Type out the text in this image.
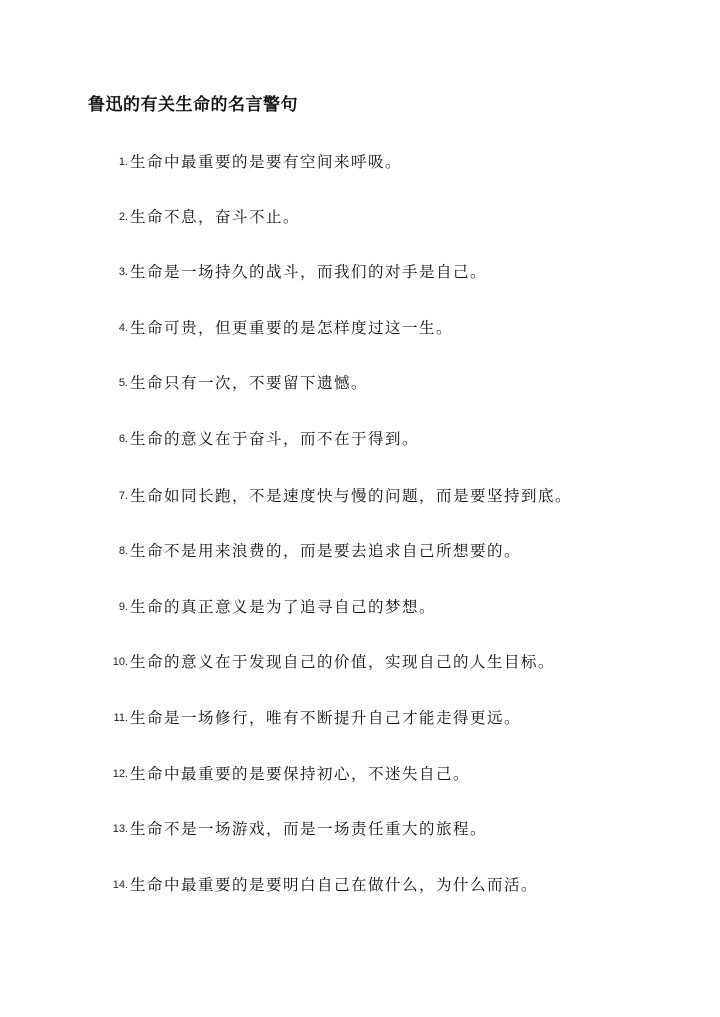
鲁迅的有关生命的名言警句
1. 生命中最重要的是要有空间来呼吸。
2. 生命不息，奋斗不止。
3. 生命是一场持久的战斗，而我们的对手是自己。
4. 生命可贵，但更重要的是怎样度过这一生。
5. 生命只有一次，不要留下遗憾。
6. 生命的意义在于奋斗，而不在于得到。
7. 生命如同长跑，不是速度快与慢的问题，而是要坚持到底。
8. 生命不是用来浪费的，而是要去追求自己所想要的。
9. 生命的真正意义是为了追寻自己的梦想。
10. 生命的意义在于发现自己的价值，实现自己的人生目标。
11. 生命是一场修行，唯有不断提升自己才能走得更远。
12. 生命中最重要的是要保持初心，不迷失自己。
13. 生命不是一场游戏，而是一场责任重大的旅程。
14. 生命中最重要的是要明白自己在做什么，为什么而活。
